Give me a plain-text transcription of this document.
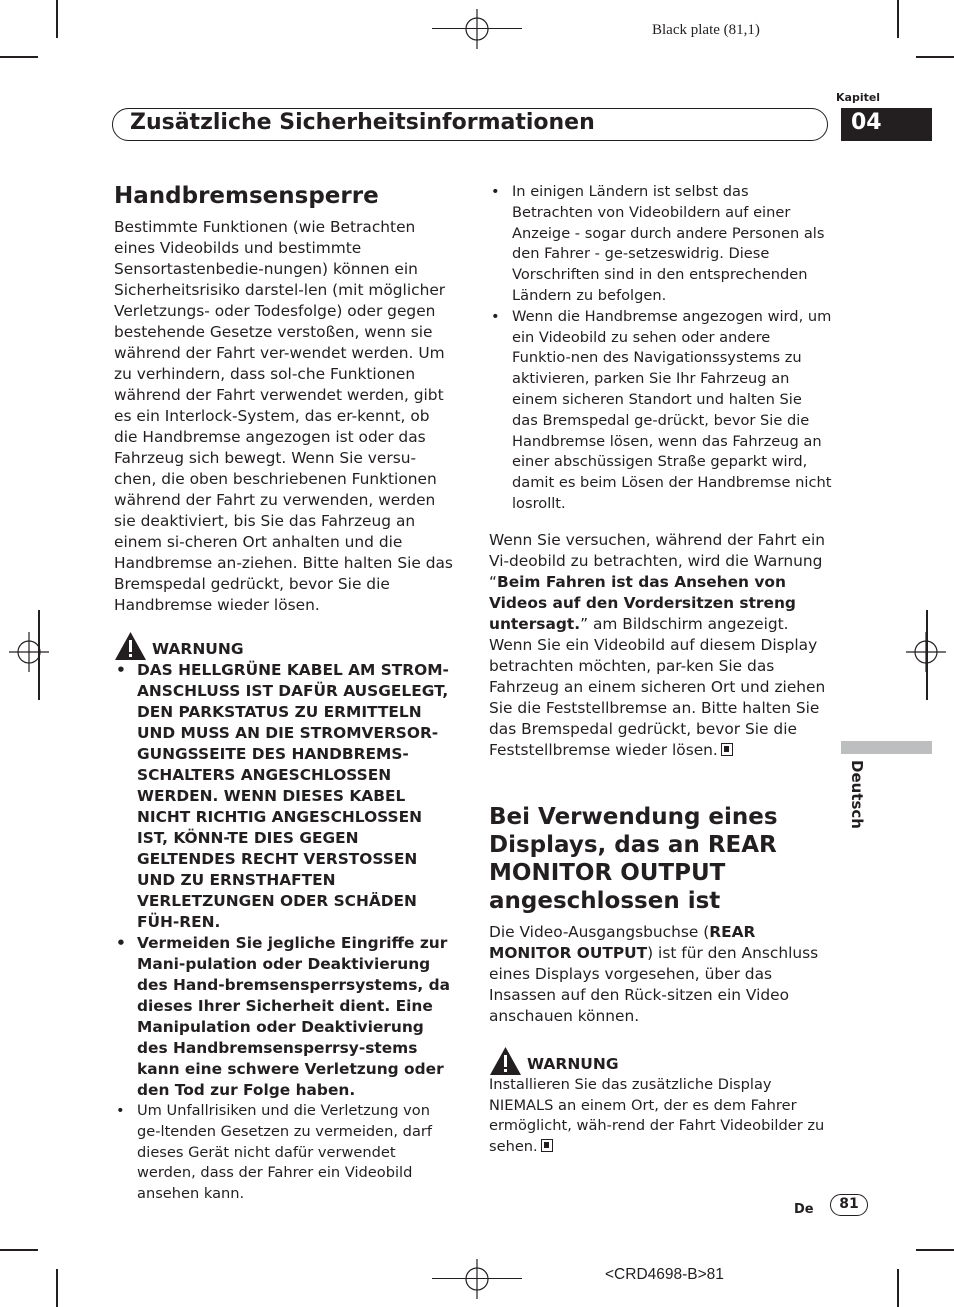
Black plate (81,1)
Kapitel
04
Zusätzliche Sicherheitsinformationen
Handbremsensperre

Bestimmte Funktionen (wie Betrachten eines Videobilds und bestimmte Sensortastenbedie-nungen) können ein Sicherheitsrisiko darstel-len (mit möglicher Verletzungs- oder Todesfolge) oder gegen bestehende Gesetze verstoßen, wenn sie während der Fahrt ver-wendet werden. Um zu verhindern, dass sol-che Funktionen während der Fahrt verwendet werden, gibt es ein Interlock-System, das er-kennt, ob die Handbremse angezogen ist oder das Fahrzeug sich bewegt. Wenn Sie versu-chen, die oben beschriebenen Funktionen während der Fahrt zu verwenden, werden sie deaktiviert, bis Sie das Fahrzeug an einem si-cheren Ort anhalten und die Handbremse an-ziehen. Bitte halten Sie das Bremspedal gedrückt, bevor Sie die Handbremse wieder lösen.

WARNUNG
• DAS HELLGRÜNE KABEL AM STROM-ANSCHLUSS IST DAFÜR AUSGELEGT, DEN PARKSTATUS ZU ERMITTELN UND MUSS AN DIE STROMVERSOR-GUNGSSEITE DES HANDBREMS-SCHALTERS ANGESCHLOSSEN WERDEN. WENN DIESES KABEL NICHT RICHTIG ANGESCHLOSSEN IST, KÖNN-TE DIES GEGEN GELTENDES RECHT VERSTOSSEN UND ZU ERNSTHAFTEN VERLETZUNGEN ODER SCHÄDEN FÜH-REN.
• Vermeiden Sie jegliche Eingriffe zur Mani-pulation oder Deaktivierung des Hand-bremsensperrsystems, da dieses Ihrer Sicherheit dient. Eine Manipulation oder Deaktivierung des Handbremsensperrsy-stems kann eine schwere Verletzung oder den Tod zur Folge haben.
• Um Unfallrisiken und die Verletzung von ge-ltenden Gesetzen zu vermeiden, darf dieses Gerät nicht dafür verwendet werden, dass der Fahrer ein Videobild ansehen kann.
• In einigen Ländern ist selbst das Betrachten von Videobildern auf einer Anzeige - sogar durch andere Personen als den Fahrer - ge-setzeswidrig. Diese Vorschriften sind in den entsprechenden Ländern zu befolgen.
• Wenn die Handbremse angezogen wird, um ein Videobild zu sehen oder andere Funktio-nen des Navigationssystems zu aktivieren, parken Sie Ihr Fahrzeug an einem sicheren Standort und halten Sie das Bremspedal ge-drückt, bevor Sie die Handbremse lösen, wenn das Fahrzeug an einer abschüssigen Straße geparkt wird, damit es beim Lösen der Handbremse nicht losrollt.

Wenn Sie versuchen, während der Fahrt ein Vi-deobild zu betrachten, wird die Warnung “Beim Fahren ist das Ansehen von Videos auf den Vordersitzen streng untersagt.” am Bildschirm angezeigt. Wenn Sie ein Videobild auf diesem Display betrachten möchten, par-ken Sie das Fahrzeug an einem sicheren Ort und ziehen Sie die Feststellbremse an. Bitte halten Sie das Bremspedal gedrückt, bevor Sie die Feststellbremse wieder lösen.

Bei Verwendung eines Displays, das an REAR MONITOR OUTPUT angeschlossen ist

Die Video-Ausgangsbuchse (REAR MONITOR OUTPUT) ist für den Anschluss eines Displays vorgesehen, über das Insassen auf den Rück-sitzen ein Video anschauen können.

WARNUNG

Installieren Sie das zusätzliche Display NIEMALS an einem Ort, der es dem Fahrer ermöglicht, wäh-rend der Fahrt Videobilder zu sehen.

Deutsch
De	81
<CRD4698-B>81
